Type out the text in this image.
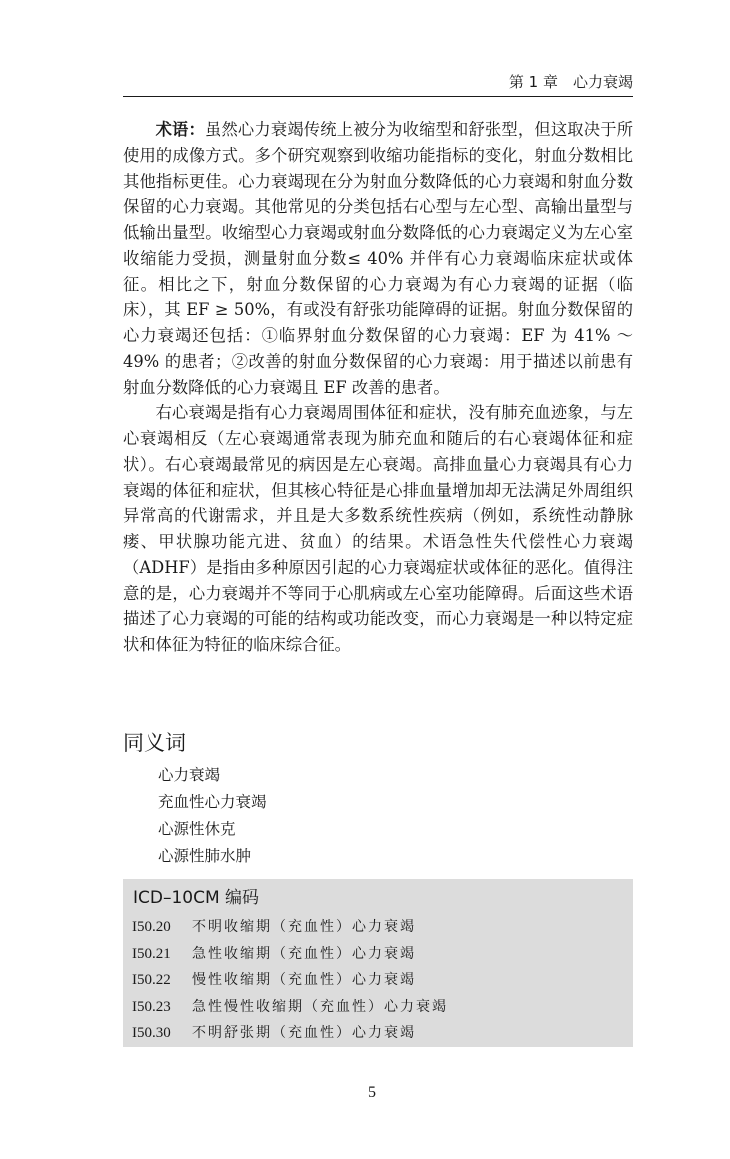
第 1 章　心力衰竭

术语：虽然心力衰竭传统上被分为收缩型和舒张型，但这取决于所使用的成像方式。多个研究观察到收缩功能指标的变化，射血分数相比其他指标更佳。心力衰竭现在分为射血分数降低的心力衰竭和射血分数保留的心力衰竭。其他常见的分类包括右心型与左心型、高输出量型与低输出量型。收缩型心力衰竭或射血分数降低的心力衰竭定义为左心室收缩能力受损，测量射血分数≤ 40% 并伴有心力衰竭临床症状或体征。相比之下，射血分数保留的心力衰竭为有心力衰竭的证据（临床），其 EF ≥ 50%，有或没有舒张功能障碍的证据。射血分数保留的心力衰竭还包括：①临界射血分数保留的心力衰竭：EF 为 41% ～ 49% 的患者；②改善的射血分数保留的心力衰竭：用于描述以前患有射血分数降低的心力衰竭且 EF 改善的患者。

右心衰竭是指有心力衰竭周围体征和症状，没有肺充血迹象，与左心衰竭相反（左心衰竭通常表现为肺充血和随后的右心衰竭体征和症状）。右心衰竭最常见的病因是左心衰竭。高排血量心力衰竭具有心力衰竭的体征和症状，但其核心特征是心排血量增加却无法满足外周组织异常高的代谢需求，并且是大多数系统性疾病（例如，系统性动静脉瘘、甲状腺功能亢进、贫血）的结果。术语急性失代偿性心力衰竭（ADHF）是指由多种原因引起的心力衰竭症状或体征的恶化。值得注意的是，心力衰竭并不等同于心肌病或左心室功能障碍。后面这些术语描述了心力衰竭的可能的结构或功能改变，而心力衰竭是一种以特定症状和体征为特征的临床综合征。

同义词
心力衰竭
充血性心力衰竭
心源性休克
心源性肺水肿
ICD–10CM 编码
I50.20 不明收缩期（充血性）心力衰竭
I50.21 急性收缩期（充血性）心力衰竭
I50.22 慢性收缩期（充血性）心力衰竭
I50.23 急性慢性收缩期（充血性）心力衰竭
I50.30 不明舒张期（充血性）心力衰竭
5
